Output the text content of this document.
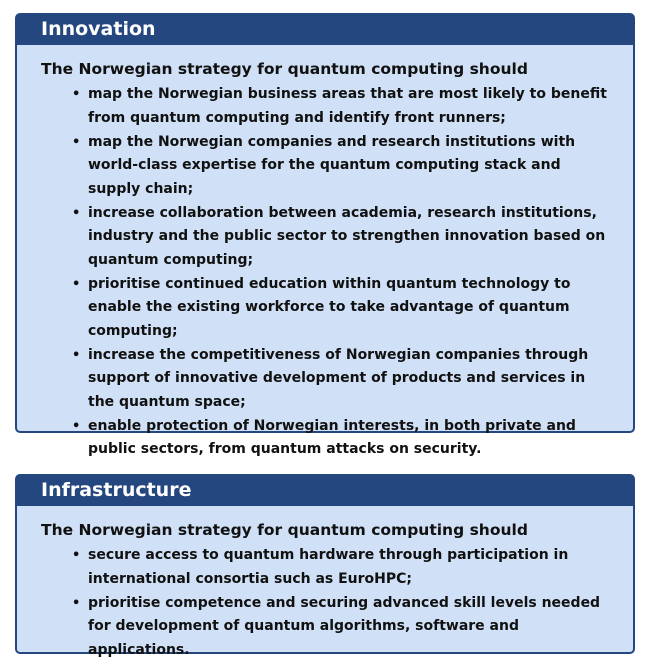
Innovation
The Norwegian strategy for quantum computing should
• map the Norwegian business areas that are most likely to benefit from quantum computing and identify front runners;
• map the Norwegian companies and research institutions with world-class expertise for the quantum computing stack and supply chain;
• increase collaboration between academia, research institutions, industry and the public sector to strengthen innovation based on quantum computing;
• prioritise continued education within quantum technology to enable the existing workforce to take advantage of quantum computing;
• increase the competitiveness of Norwegian companies through support of innovative development of products and services in the quantum space;
• enable protection of Norwegian interests, in both private and public sectors, from quantum attacks on security.
Infrastructure
The Norwegian strategy for quantum computing should
• secure access to quantum hardware through participation in international consortia such as EuroHPC;
• prioritise competence and securing advanced skill levels needed for development of quantum algorithms, software and applications.
